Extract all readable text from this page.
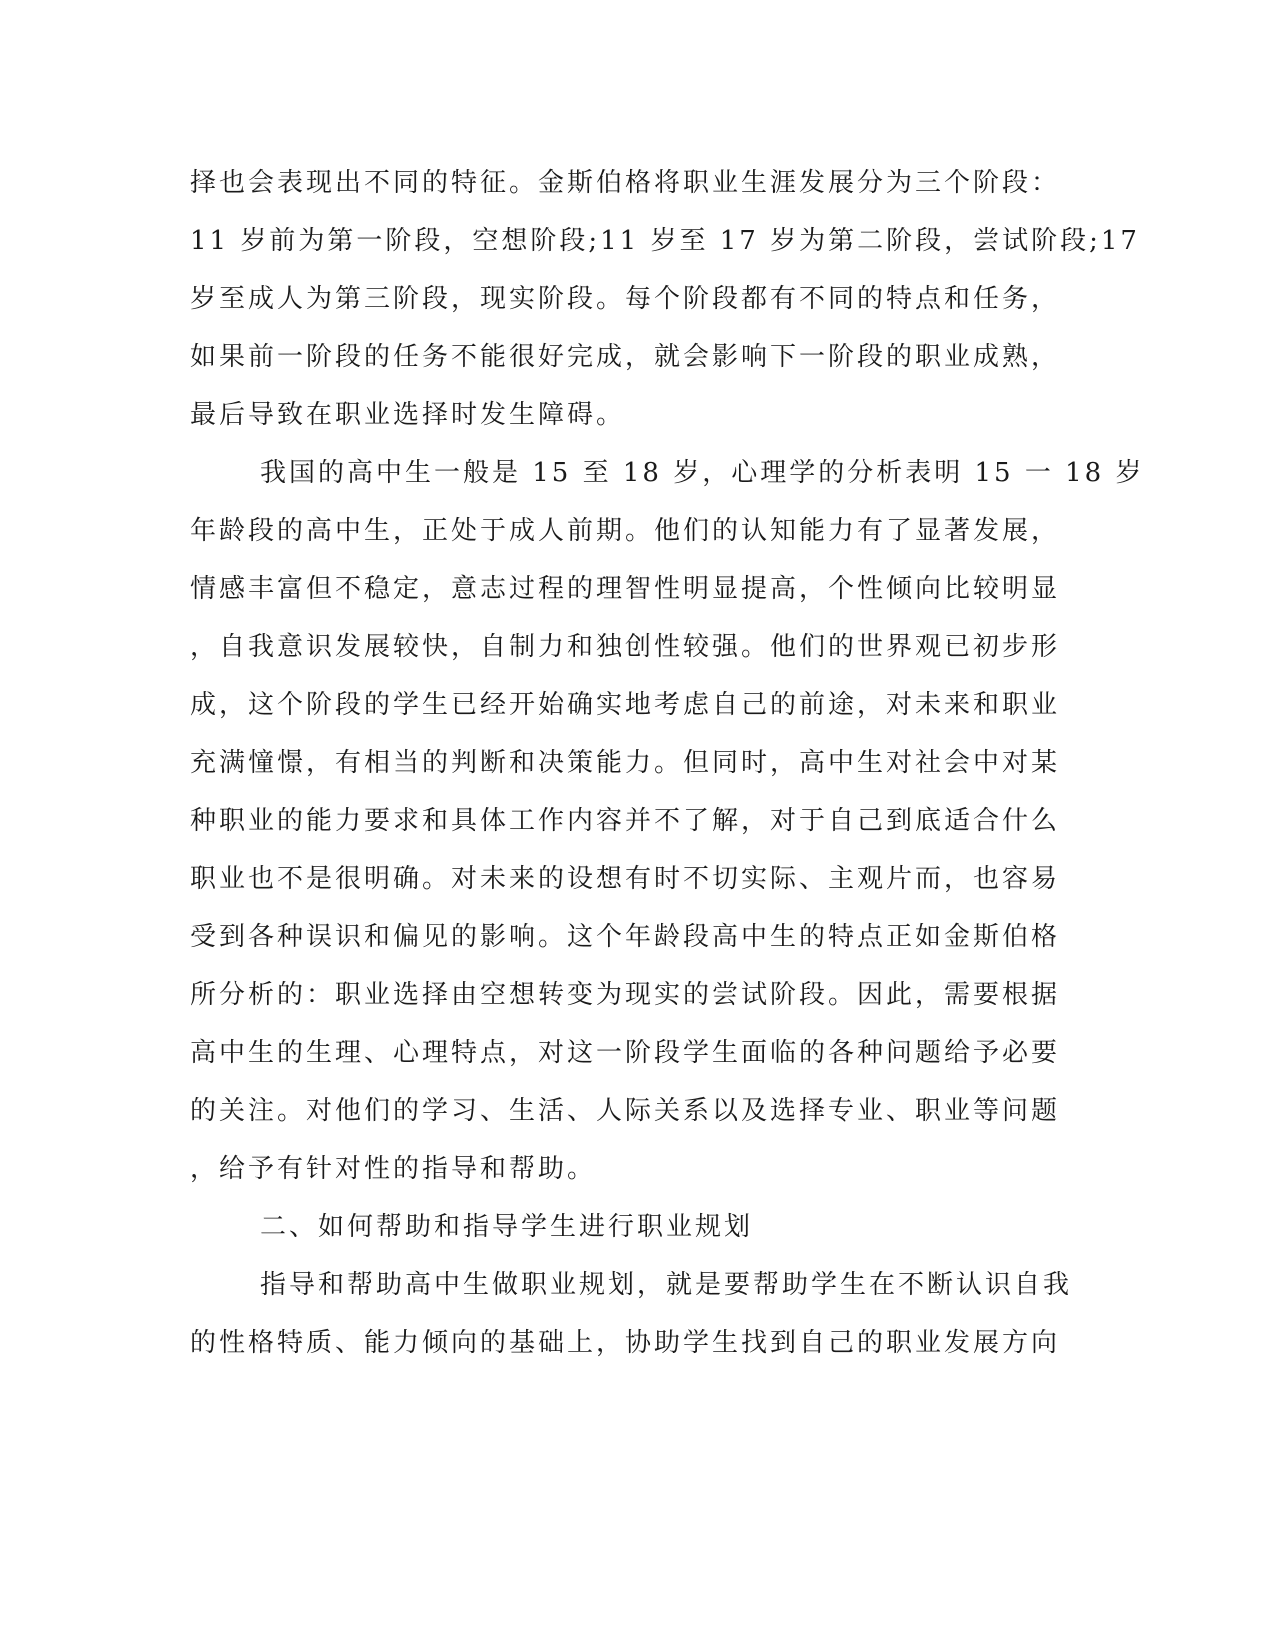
择也会表现出不同的特征。金斯伯格将职业生涯发展分为三个阶段：
11 岁前为第一阶段，空想阶段;11 岁至 17 岁为第二阶段，尝试阶段;17
岁至成人为第三阶段，现实阶段。每个阶段都有不同的特点和任务，
如果前一阶段的任务不能很好完成，就会影响下一阶段的职业成熟，
最后导致在职业选择时发生障碍。
我国的高中生一般是 15 至 18 岁，心理学的分析表明 15 一 18 岁
年龄段的高中生，正处于成人前期。他们的认知能力有了显著发展，
情感丰富但不稳定，意志过程的理智性明显提高，个性倾向比较明显
，自我意识发展较快，自制力和独创性较强。他们的世界观已初步形
成，这个阶段的学生已经开始确实地考虑自己的前途，对未来和职业
充满憧憬，有相当的判断和决策能力。但同时，高中生对社会中对某
种职业的能力要求和具体工作内容并不了解，对于自己到底适合什么
职业也不是很明确。对未来的设想有时不切实际、主观片而，也容易
受到各种误识和偏见的影响。这个年龄段高中生的特点正如金斯伯格
所分析的：职业选择由空想转变为现实的尝试阶段。因此，需要根据
高中生的生理、心理特点，对这一阶段学生面临的各种问题给予必要
的关注。对他们的学习、生活、人际关系以及选择专业、职业等问题
，给予有针对性的指导和帮助。
二、如何帮助和指导学生进行职业规划
指导和帮助高中生做职业规划，就是要帮助学生在不断认识自我
的性格特质、能力倾向的基础上，协助学生找到自己的职业发展方向
